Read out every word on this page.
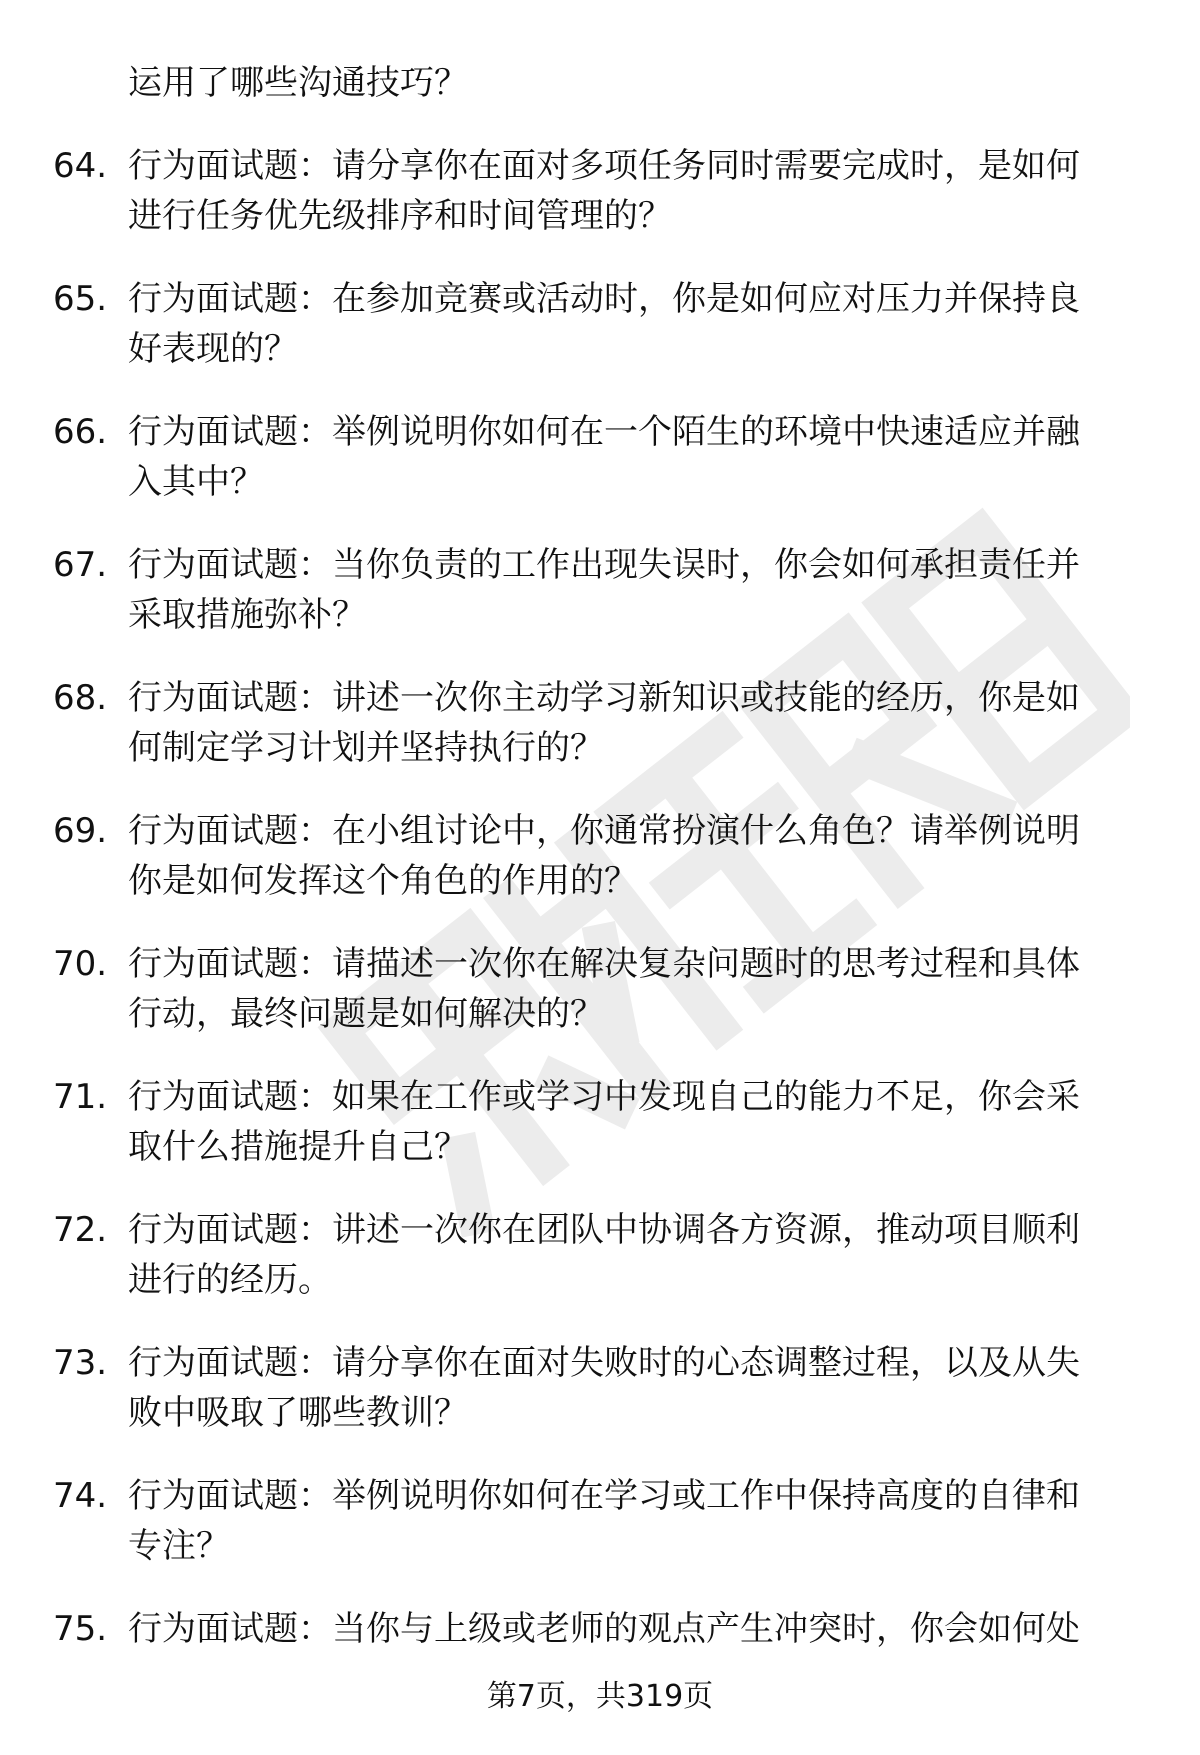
运用了哪些沟通技巧？
64. 行为面试题：请分享你在面对多项任务同时需要完成时，是如何
进行任务优先级排序和时间管理的？
65. 行为面试题：在参加竞赛或活动时，你是如何应对压力并保持良
好表现的？
66. 行为面试题：举例说明你如何在一个陌生的环境中快速适应并融
入其中？
67. 行为面试题：当你负责的工作出现失误时，你会如何承担责任并
采取措施弥补？
68. 行为面试题：讲述一次你主动学习新知识或技能的经历，你是如
何制定学习计划并坚持执行的？
69. 行为面试题：在小组讨论中，你通常扮演什么角色？请举例说明
你是如何发挥这个角色的作用的？
70. 行为面试题：请描述一次你在解决复杂问题时的思考过程和具体
行动，最终问题是如何解决的？
71. 行为面试题：如果在工作或学习中发现自己的能力不足，你会采
取什么措施提升自己？
72. 行为面试题：讲述一次你在团队中协调各方资源，推动项目顺利
进行的经历。
73. 行为面试题：请分享你在面对失败时的心态调整过程，以及从失
败中吸取了哪些教训？
74. 行为面试题：举例说明你如何在学习或工作中保持高度的自律和
专注？
75. 行为面试题：当你与上级或老师的观点产生冲突时，你会如何处
第7页，共319页
